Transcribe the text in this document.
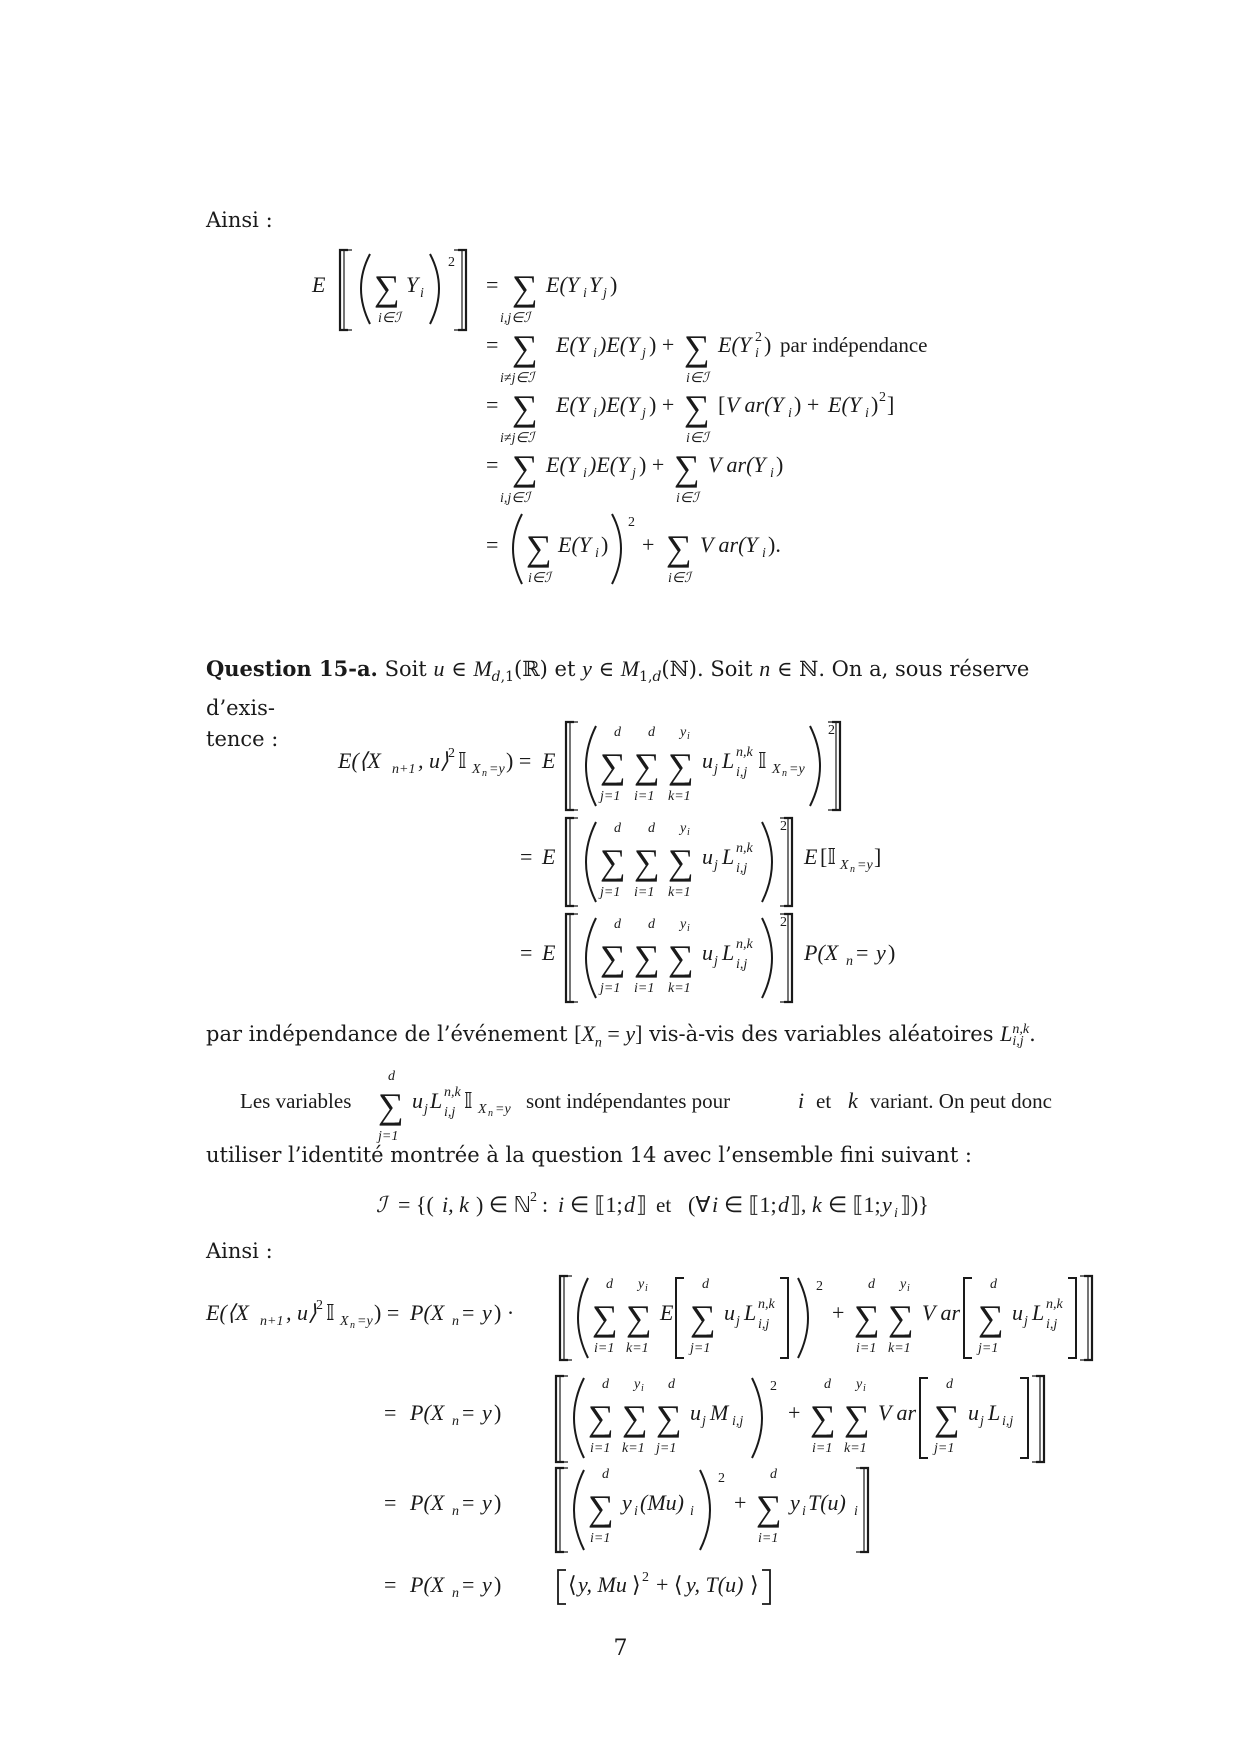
Ainsi :
E ∑
i∈ℐ
Y i
2
= ∑
i,j∈ℐ
E(Y i Y j )
= ∑
i≠j∈ℐ
E(Y i )E(Y j ) + ∑
i∈ℐ
E(Y i
2 ) par indépendance
= ∑
i≠j∈ℐ
E(Y i )E(Y j ) + ∑
i∈ℐ
[ V ar(Y i ) + E(Y i ) 2 ]
= ∑
i,j∈ℐ
E(Y i )E(Y j ) + ∑
i∈ℐ
V ar(Y i )
= ∑
i∈ℐ
E(Y i )
2
+ ∑
i∈ℐ
V ar(Y i ).
Question 15-a. Soit u ∈ $M_{d,1}(ℝ)$ et y ∈ $M_{1,d}(ℕ)$. Soit n ∈ ℕ. On a, sous réserve d’exis-
tence :
E(⟨X n+1 , u⟩ 2 𝕀 X n =y ) = E ∑
d
j=1
∑
d
i=1
∑
y i
k=1
u j L n,k
i,j 𝕀 X n =y
2
= E ∑
d
j=1
∑
d
i=1
∑
y i
k=1
u j L n,k
i,j
2
E [𝕀 X n =y ]
= E ∑
d
j=1
∑
d
i=1
∑
y i
k=1
u j L n,k
i,j
2
P(X n = y )
par indépendance de l’événement $[X_n = y]$ vis-à-vis des variables aléatoires Ln,k
i,j .
Les variables ∑
d
j=1
u j L n,k
i,j 𝕀 X n =y sont indépendantes pour	i et k variant. On peut donc
utiliser l’identité montrée à la question 14 avec l’ensemble fini suivant :
ℐ = {( i, k ) ∈ ℕ
2 : i ∈ ⟦1; d ⟧ et (∀ i ∈ ⟦1; d ⟧, k ∈ ⟦1; y i ⟧)}
Ainsi :
E(⟨X n+1 , u⟩ 2 𝕀 X n =y ) = P(X n = y ) · ∑
d
i=1
∑
y i
k=1
E ∑
d
j=1
u j L n,k
i,j
2
+ ∑
d
i=1
∑
y i
k=1
V ar ∑
d
j=1
u j L n,k
i,j
= P(X n = y ) ∑
d
i=1
∑
y i
k=1
∑
d
j=1
u j M i,j
2
+ ∑
d
i=1
∑
y i
k=1
V ar ∑
d
j=1
u j L i,j
= P(X n = y ) ∑
d
i=1
y i (Mu) i
2
+ ∑
d
i=1
y i T(u) i
= P(X n = y )	⟨ y, Mu ⟩ 2 + ⟨ y, T(u) ⟩
7
